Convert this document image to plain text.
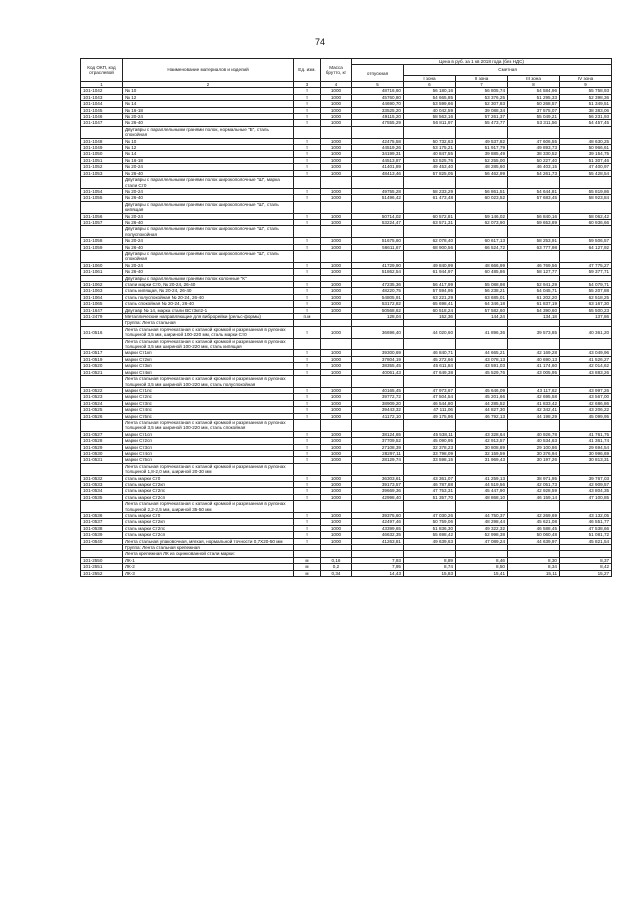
74
Код ОКП, код отраслевой	Наименование материалов и изделий	Ед. изм.	Масса брутто, кг	Цена в руб. за 1 кв 2018 года (без НДС)				
				отпускная	Сметная			
					I зона	II зона	III зона	IV зона
1	2	3	4	5	6	7	8	9
101-1042	№ 10	т	1000	48716,60	56 180,16	56 805,74	54 584,96	55 758,93
101-1043	№ 12	т	1000	45760,80	54 665,85	53 376,25	51 295,33	52 398,36
101-1044	№ 14	т	1000	44690,70	53 599,66	52 307,83	50 268,57	51 349,51
101-1045	№ 16-18	т	1000	33525,20	40 042,59	39 088,34	37 575,07	38 383,06
101-1046	№ 20-24	т	1000	49115,20	58 563,16	57 261,37	55 049,21	56 231,93
101-1047	№ 26-40	т	1000	47555,29	56 811,97	55 473,77	53 311,56	54 457,45
	Двутавры с параллельными гранями полок, нормальные "Б", сталь спокойная							
101-1048	№ 10	т	1000	42475,58	50 732,63	49 537,82	47 606,55	48 630,25
101-1049	№ 12	т	1000	44519,26	53 175,21	51 917,79	49 893,73	50 966,61
101-1050	№ 14	т	1000	34199,31	40 847,55	39 885,49	38 330,52	39 154,75
101-1051	№ 16-18	т	1000	44513,87	53 525,76	52 255,00	50 227,40	51 307,46
101-1052	№ 20-24	т	1000	41401,89	49 453,40	48 285,60	46 403,15	47 400,97
101-1053	№ 26-40	т	1000	48413,46	57 825,05	56 462,99	54 261,73	55 428,54
	Двутавры с параллельными гранями полок широкополочные "Ш", марка стали Ст0							
101-1054	№ 20-24	т	1000	49755,28	58 233,29	56 861,51	54 644,81	55 819,86
101-1055	№ 26-40	т	1000	51496,42	61 473,48	60 023,52	57 683,45	58 923,84
	Двутавры с параллельными гранями полок широкополочные "Ш", сталь кипящая							
101-1056	№ 20-24	т	1000	50714,02	60 572,81	59 146,02	56 840,16	58 062,42
101-1057	№ 26-40	т	1000	53224,47	63 571,31	62 073,90	59 653,89	60 936,66
	Двутавры с параллельными гранями полок широкополочные "Ш", сталь полуспокойная							
101-1058	№ 20-24	т	1000	51675,60	62 078,40	60 617,13	58 253,91	59 506,57
101-1059	№ 26-40	т	1000	56611,67	68 900,56	66 524,72	63 777,98	64 127,92
	Двутавры с параллельными гранями полок широкополочные "Ш", сталь спокойная							
101-1060	№ 20-24	т	1000	41729,90	49 840,99	48 666,99	46 769,56	47 775,27
101-1061	№ 26-40	т	1000	51862,54	61 944,97	60 485,86	58 127,77	59 377,71
	Двутавры с параллельными гранями полок колонные "К"							
101-1062	стали марки Ст0, № 20-24, 26-40	т	1000	47235,36	56 417,99	55 088,98	52 941,29	54 079,71
101-1063	сталь кипящая, № 20-24, 26-40	т	1000	48220,75	57 594,95	56 238,21	54 045,71	55 207,88
101-1064	сталь полуспокойная № 20-24, 26-40	т	1000	54805,91	63 221,29	63 685,01	61 202,20	62 518,25
101-1065	сталь спокойная № 20-24, 26-40	т	1000	53172,82	65 698,41	64 346,18	61 837,19	63 167,30
101-1647	Двутавр № 14, марка стали ВСт3кп2-1	т	1000	50568,62	60 518,24	57 582,60	54 390,60	55 500,23
101-2479	Металлические направляющие для виброрейки (рельс-формы)	п.м		128,04	152,36	144,24	134,18	137,86
	Группа: Лента стальная							
101-0516	Лента стальная горячекатаная с катаной кромкой и разрезанная в рулонах толщиной 3,5 мм, шириной 100-220 мм, сталь марки Ст0	т	1000	36696,40	44 020,60	41 896,36	39 573,85	40 361,20
	Лента стальная горячекатаная с катаной кромкой и разрезанная в рулонах толщиной 3,5 мм шириной 100-220 мм, сталь кипящая							
101-0517	марки Ст1кп	т	1000	39300,69	46 840,71	44 665,21	42 169,28	43 049,96
101-0519	марки Ст2кп	т	1000	37804,19	45 272,66	43 078,13	40 690,13	41 526,27
101-0520	марки Ст3кп	т	1000	38355,45	45 611,84	43 591,03	41 174,60	42 014,62
101-0521	марки Ст4кп	т	1000	40061,43	47 649,38	45 529,76	43 005,95	43 883,26
	Лента стальная горячекатаная с катаной кромкой и разрезанная в рулонах толщиной 3,5 мм шириной 100-220 мм, сталь полуспокойная							
101-0522	марки Ст1пс	т	1000	40165,45	47 973,67	45 646,09	43 117,62	43 997,26
101-0523	марки Ст2пс	т	1000	39772,72	47 504,54	45 201,66	42 695,58	43 567,00
101-0524	марки Ст3пс	т	1000	38909,20	46 544,80	44 285,52	41 833,42	42 686,86
101-0525	марки Ст4пс	т	1000	39443,32	47 111,06	44 827,30	42 342,41	43 206,22
101-0526	марки Ст5пс	т	1000	41172,10	49 175,96	46 792,13	44 198,29	45 099,95
	Лента стальная горячекатаная с катаной кромкой и разрезанная в рулонах толщиной 3,5 мм шириной 100-220 мм, сталь спокойная							
101-0527	марки Ст1сп	т	1000	38124,65	45 538,11	43 328,64	40 926,78	41 761,75
101-0528	марки Ст2сп	т	1000	37709,52	45 090,95	42 913,57	40 534,63	41 361,74
101-0529	марки Ст3сп	т	1000	27108,39	32 378,23	30 808,89	29 100,86	29 694,54
101-0530	марки Ст4сп	т	1000	28297,11	33 798,09	32 159,59	30 376,94	30 996,69
101-0531	марки Ст5сп	т	1000	28129,74	33 598,15	31 969,43	30 197,26	30 813,31
	Лента стальная горячекатаная с катаной кромкой и разрезанная в рулонах толщиной 1,8-2,0 мм, шириной 20-30 мм							
101-0532	сталь марки Ст0	т	1000	36303,61	43 361,07	41 259,13	38 971,95	39 767,03
101-0533	сталь марки Ст2кп	т	1000	39173,57	46 787,88	44 519,56	42 051,73	42 909,57
101-0534	сталь марки Ст2пс	т	1000	39669,36	47 753,31	45 447,90	42 928,59	43 804,35
101-0535	сталь марки Ст2сп	т	1000	42998,40	51 357,70	48 868,10	46 159,14	47 100,85
	Лента стальная горячекатаная с катаной кромкой и разрезанная в рулонах толщиной 2,2-2,5 мм, шириной 35-50 мм							
101-0536	сталь марки Ст0	т	1000	39375,60	47 030,26	44 750,37	42 269,69	43 132,05
101-0537	сталь марки Ст2кп	т	1000	42497,46	50 759,06	48 298,44	45 621,08	46 551,77
101-0538	сталь марки Ст2пс	т	1000	43399,65	51 836,30	49 322,32	46 588,45	47 538,66
101-0539	сталь марки Ст2сп	т	1000	46632,35	55 698,42	52 998,38	50 060,48	51 081,72
101-0540	Лента стальная упаковочная, мягкая, нормальной точности 0,7Х20-50 мм	т	1000	41263,81	49 639,63	47 089,24	44 639,97	45 821,54
	Группа: Лента стальная крепежная							
	Лента крепежная ЛК из оцинкованной стали марки:							
101-2550	ЛК-1	м	0,16	7,93	8,89	8,46	8,30	8,37
101-2551	ЛК-2	м	0,2	7,95	8,74	8,50	8,34	8,42
101-2552	ЛК-3	м	0,34	14,43	15,83	15,41	15,11	15,27
